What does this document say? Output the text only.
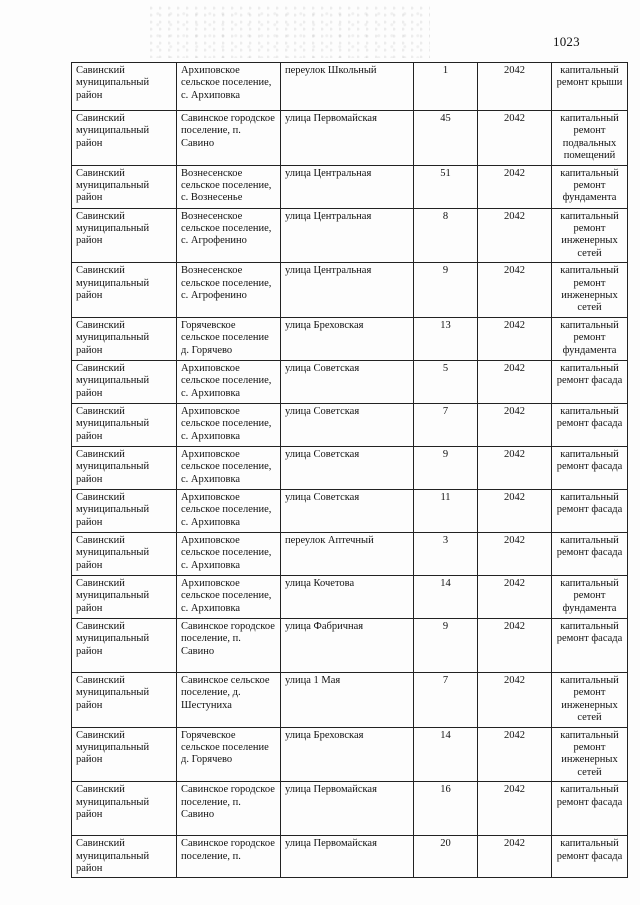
1023
Савинский муниципальный район	Архиповское сельское поселение, с. Архиповка	переулок Школьный	1	2042	капитальный ремонт крыши
Савинский муниципальный район	Савинское городское поселение, п. Савино	улица Первомайская	45	2042	капитальный ремонт подвальных помещений
Савинский муниципальный район	Вознесенское сельское поселение, с. Вознесенье	улица Центральная	51	2042	капитальный ремонт фундамента
Савинский муниципальный район	Вознесенское сельское поселение, с. Агрофенино	улица Центральная	8	2042	капитальный ремонт инженерных сетей
Савинский муниципальный район	Вознесенское сельское поселение, с. Агрофенино	улица Центральная	9	2042	капитальный ремонт инженерных сетей
Савинский муниципальный район	Горячевское сельское поселение д. Горячево	улица Бреховская	13	2042	капитальный ремонт фундамента
Савинский муниципальный район	Архиповское сельское поселение, с. Архиповка	улица Советская	5	2042	капитальный ремонт фасада
Савинский муниципальный район	Архиповское сельское поселение, с. Архиповка	улица Советская	7	2042	капитальный ремонт фасада
Савинский муниципальный район	Архиповское сельское поселение, с. Архиповка	улица Советская	9	2042	капитальный ремонт фасада
Савинский муниципальный район	Архиповское сельское поселение, с. Архиповка	улица Советская	11	2042	капитальный ремонт фасада
Савинский муниципальный район	Архиповское сельское поселение, с. Архиповка	переулок Аптечный	3	2042	капитальный ремонт фасада
Савинский муниципальный район	Архиповское сельское поселение, с. Архиповка	улица Кочетова	14	2042	капитальный ремонт фундамента
Савинский муниципальный район	Савинское городское поселение, п. Савино	улица Фабричная	9	2042	капитальный ремонт фасада
Савинский муниципальный район	Савинское сельское поселение, д. Шестуниха	улица 1 Мая	7	2042	капитальный ремонт инженерных сетей
Савинский муниципальный район	Горячевское сельское поселение д. Горячево	улица Бреховская	14	2042	капитальный ремонт инженерных сетей
Савинский муниципальный район	Савинское городское поселение, п. Савино	улица Первомайская	16	2042	капитальный ремонт фасада
Савинский муниципальный район	Савинское городское поселение, п.	улица Первомайская	20	2042	капитальный ремонт фасада
